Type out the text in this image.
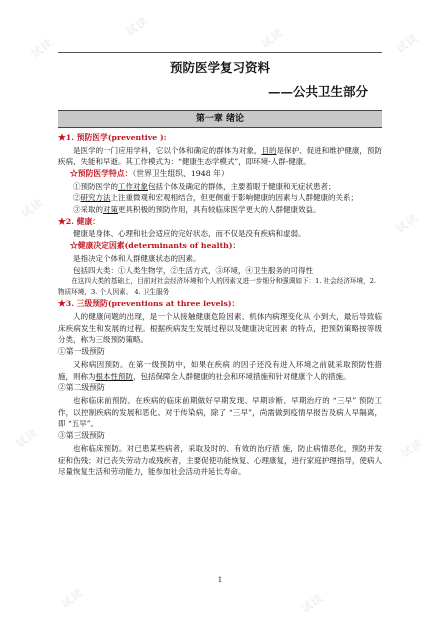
试读
试读	试读	试读
试读
试读
试读	试读
试读	试读
预防医学复习资料
——公共卫生部分
第一章 绪论

★1. 预防医学(preventive ):

是医学的一门应用学科，它以个体和确定的群体为对象，目的是保护、促进和维护健康，预防疾病、失能和早逝。其工作模式为：“健康生态学模式”，即环境-人群-健康。

☆预防医学特点：（世界卫生组织、1948 年）

①预防医学的工作对象包括个体及确定的群体，主要着眼于健康和无症状患者；

②研究方法上注重微观和宏观相结合，但更侧重于影响健康的因素与人群健康的关系；

③采取的对策更具积极的预防作用，具有较临床医学更大的人群健康效益。

★2. 健康：

健康是身体、心理和社会适应的完好状态，而不仅是没有疾病和虚弱。

☆健康决定因素(determinants of health)：

是指决定个体和人群健康状态的因素。

包括四大类：①人类生物学，②生活方式，③环境，④卫生服务的可得性

在这四大类的基础上，目前对社会经济环境和个人的因素又进一步细分和强调如下：1. 社会经济环境，2. 物质环境，3. 个人因素、 4. 卫生服务

★3. 三级预防(preventions at three levels)：

人的健康问题的出现，是一个从接触健康危险因素、机体内病理变化从 小到大，最后导致临床疾病发生和发展的过程。根据疾病发生发展过程以及健康决定因素 的特点，把预防策略按等级分类，称为三级预防策略。

①第一级预防

又称病因预防。在第一级预防中，如果在疾病 的因子还没有进入环境之前就采取预防性措施，则称为根本性预防，包括保障全人群健康的社会和环境措施和针对健康个人的措施。

②第二级预防

也称临床前预防。在疾病的临床前期做好早期发现、早期诊断、早期治疗的 “三早” 预防工作，以控制疾病的发展和恶化。对于传染病，除了 “三早”，尚需做到疫情早报告及病人早隔离，即 “五早”。

③第三级预防

也称临床预防。对已患某些病者，采取及时的、有效的治疗措 施，防止病情恶化，预防并发症和伤残；对已丧失劳动力或残疾者，主要促使功能恢复、心理康复，进行家庭护理指导，使病人尽量恢复生活和劳动能力，能参加社会活动并延长寿命。

1
